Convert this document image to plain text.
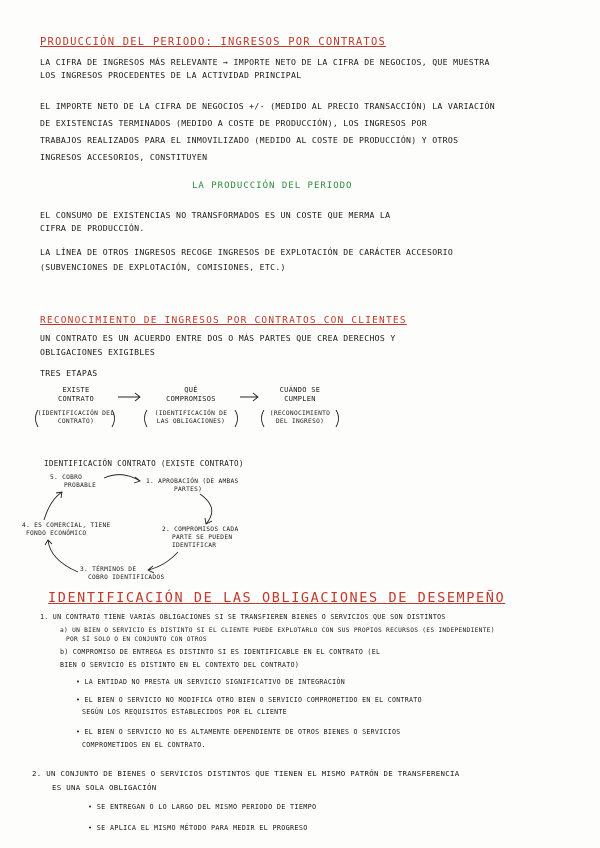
PRODUCCIÓN DEL PERIODO: INGRESOS POR CONTRATOS
LA CIFRA DE INGRESOS MÁS RELEVANTE → IMPORTE NETO DE LA CIFRA DE NEGOCIOS, QUE MUESTRA
LOS INGRESOS PROCEDENTES DE LA ACTIVIDAD PRINCIPAL
EL IMPORTE NETO DE LA CIFRA DE NEGOCIOS +/- (MEDIDO AL PRECIO TRANSACCIÓN) LA VARIACIÓN
DE EXISTENCIAS TERMINADOS (MEDIDO A COSTE DE PRODUCCIÓN), LOS INGRESOS POR
TRABAJOS REALIZADOS PARA EL INMOVILIZADO (MEDIDO AL COSTE DE PRODUCCIÓN) Y OTROS
INGRESOS ACCESORIOS, CONSTITUYEN
LA PRODUCCIÓN DEL PERIODO
EL CONSUMO DE EXISTENCIAS NO TRANSFORMADOS ES UN COSTE QUE MERMA LA
CIFRA DE PRODUCCIÓN.
LA LÍNEA DE OTROS INGRESOS RECOGE INGRESOS DE EXPLOTACIÓN DE CARÁCTER ACCESORIO
(SUBVENCIONES DE EXPLOTACIÓN, COMISIONES, ETC.)
RECONOCIMIENTO DE INGRESOS POR CONTRATOS CON CLIENTES
UN CONTRATO ES UN ACUERDO ENTRE DOS O MÁS PARTES QUE CREA DERECHOS Y
OBLIGACIONES EXIGIBLES
TRES ETAPAS
EXISTE
CONTRATO
(IDENTIFICACIÓN DEL
CONTRATO)
QUÉ
COMPROMISOS
(IDENTIFICACIÓN DE
LAS OBLIGACIONES)
CUÁNDO SE
CUMPLEN
(RECONOCIMIENTO
DEL INGRESO)
IDENTIFICACIÓN CONTRATO (EXISTE CONTRATO)
5. COBRO
PROBABLE
1. APROBACIÓN (DE AMBAS
PARTES)
2. COMPROMISOS CADA
PARTE SE PUEDEN
IDENTIFICAR
3. TÉRMINOS DE
COBRO IDENTIFICADOS
4. ES COMERCIAL, TIENE
FONDO ECONÓMICO
IDENTIFICACIÓN DE LAS OBLIGACIONES DE DESEMPEÑO
1. UN CONTRATO TIENE VARIAS OBLIGACIONES SI SE TRANSFIEREN BIENES O SERVICIOS QUE SON DISTINTOS
a) UN BIEN O SERVICIO ES DISTINTO SI EL CLIENTE PUEDE EXPLOTARLO CON SUS PROPIOS RECURSOS (ES INDEPENDIENTE)
POR SÍ SOLO O EN CONJUNTO CON OTROS
b) COMPROMISO DE ENTREGA ES DISTINTO SI ES IDENTIFICABLE EN EL CONTRATO (EL
BIEN O SERVICIO ES DISTINTO EN EL CONTEXTO DEL CONTRATO)
• LA ENTIDAD NO PRESTA UN SERVICIO SIGNIFICATIVO DE INTEGRACIÓN
• EL BIEN O SERVICIO NO MODIFICA OTRO BIEN O SERVICIO COMPROMETIDO EN EL CONTRATO
SEGÚN LOS REQUISITOS ESTABLECIDOS POR EL CLIENTE
• EL BIEN O SERVICIO NO ES ALTAMENTE DEPENDIENTE DE OTROS BIENES O SERVICIOS
COMPROMETIDOS EN EL CONTRATO.
2. UN CONJUNTO DE BIENES O SERVICIOS DISTINTOS QUE TIENEN EL MISMO PATRÓN DE TRANSFERENCIA
ES UNA SOLA OBLIGACIÓN
• SE ENTREGAN O LO LARGO DEL MISMO PERIODO DE TIEMPO
• SE APLICA EL MISMO MÉTODO PARA MEDIR EL PROGRESO
